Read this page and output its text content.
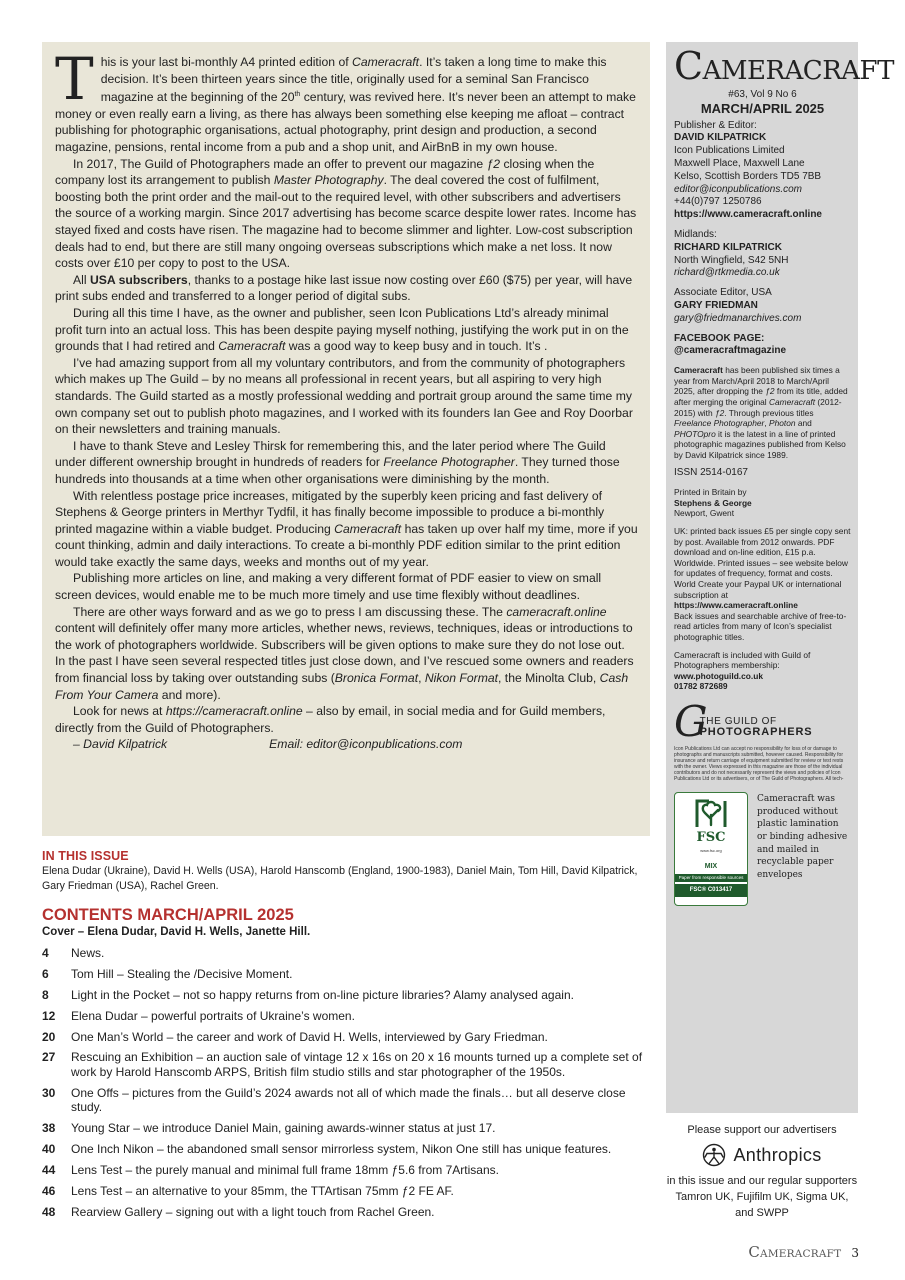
This is your last bi-monthly A4 printed edition of Cameracraft. It’s taken a long time to make this decision. It’s been thirteen years since the title, originally used for a seminal San Francisco magazine at the beginning of the 20th century, was revived here. It’s never been an attempt to make money or even really earn a living, as there has always been something else keeping me afloat – contract publishing for photographic organisations, actual photography, print design and production, a second magazine, pensions, rental income from a pub and a shop unit, and AirBnB in my own house.

In 2017, The Guild of Photographers made an offer to prevent our magazine ƒ2 closing when the company lost its arrangement to publish Master Photography. The deal covered the cost of fulfilment, boosting both the print order and the mail-out to the required level, with other subscribers and advertisers the source of a working margin. Since 2017 advertising has become scarce despite lower rates. Income has stayed fixed and costs have risen. The magazine had to become slimmer and lighter. Low-cost subscription deals had to end, but there are still many ongoing overseas subscriptions which make a net loss. It now costs over £10 per copy to post to the USA.

All USA subscribers, thanks to a postage hike last issue now costing over £60 ($75) per year, will have print subs ended and transferred to a longer period of digital subs.

During all this time I have, as the owner and publisher, seen Icon Publications Ltd’s already minimal profit turn into an actual loss. This has been despite paying myself nothing, justifying the work put in on the grounds that I had retired and Cameracraft was a good way to keep busy and in touch. It’s .

I’ve had amazing support from all my voluntary contributors, and from the community of photographers which makes up The Guild – by no means all professional in recent years, but all aspiring to very high standards. The Guild started as a mostly professional wedding and portrait group around the same time my own company set out to publish photo magazines, and I worked with its founders Ian Gee and Roy Doorbar on their newsletters and training manuals.

I have to thank Steve and Lesley Thirsk for remembering this, and the later period where The Guild under different ownership brought in hundreds of readers for Freelance Photographer. They turned those hundreds into thousands at a time when other organisations were diminishing by the month.

With relentless postage price increases, mitigated by the superbly keen pricing and fast delivery of Stephens & George printers in Merthyr Tydfil, it has finally become impossible to produce a bi-monthly printed magazine within a viable budget. Producing Cameracraft has taken up over half my time, more if you count thinking, admin and daily interactions. To create a bi-monthly PDF edition similar to the print edition would take exactly the same days, weeks and months out of my year.

Publishing more articles on line, and making a very different format of PDF easier to view on small screen devices, would enable me to be much more timely and use time flexibly without deadlines.

There are other ways forward and as we go to press I am discussing these. The cameracraft.online content will definitely offer many more articles, whether news, reviews, techniques, ideas or introductions to the work of photographers worldwide. Subscribers will be given options to make sure they do not lose out. In the past I have seen several respected titles just close down, and I’ve rescued some owners and readers from financial loss by taking over outstanding subs (Bronica Format, Nikon Format, the Minolta Club, Cash From Your Camera and more).

Look for news at https://cameracraft.online – also by email, in social media and for Guild members, directly from the Guild of Photographers.

– David Kilpatrick	Email: editor@iconpublications.com
IN THIS ISSUE
Elena Dudar (Ukraine), David H. Wells (USA), Harold Hanscomb (England, 1900-1983), Daniel Main, Tom Hill, David Kilpatrick, Gary Friedman (USA), Rachel Green.
CONTENTS MARCH/APRIL 2025
Cover – Elena Dudar, David H. Wells, Janette Hill.
4 News.
6 Tom Hill – Stealing the /Decisive Moment.
8 Light in the Pocket – not so happy returns from on-line picture libraries? Alamy analysed again.
12 Elena Dudar – powerful portraits of Ukraine’s women.
20 One Man’s World – the career and work of David H. Wells, interviewed by Gary Friedman.
27 Rescuing an Exhibition – an auction sale of vintage 12 x 16s on 20 x 16 mounts turned up a complete set of work by Harold Hanscomb ARPS, British film studio stills and star photographer of the 1950s.
30 One Offs – pictures from the Guild’s 2024 awards not all of which made the finals… but all deserve close study.
38 Young Star – we introduce Daniel Main, gaining awards-winner status at just 17.
40 One Inch Nikon – the abandoned small sensor mirrorless system, Nikon One still has unique features.
44 Lens Test – the purely manual and minimal full frame 18mm ƒ5.6 from 7Artisans.
46 Lens Test – an alternative to your 85mm, the TTArtisan 75mm ƒ2 FE AF.
48 Rearview Gallery – signing out with a light touch from Rachel Green.
CAMERACRAFT
#63, Vol 9 No 6
MARCH/APRIL 2025
Publisher & Editor:
DAVID KILPATRICK
Icon Publications Limited
Maxwell Place, Maxwell Lane
Kelso, Scottish Borders TD5 7BB
editor@iconpublications.com
+44(0)797 1250786
https://www.cameracraft.online
Midlands:
RICHARD KILPATRICK
North Wingfield, S42 5NH
richard@rtkmedia.co.uk
Associate Editor, USA
GARY FRIEDMAN
gary@friedmanarchives.com
FACEBOOK PAGE:
@cameracraftmagazine
Cameracraft has been published six times a year from March/April 2018 to March/April 2025, after dropping the ƒ2 from its title, added after merging the original Cameracraft (2012-2015) with ƒ2. Through previous titles Freelance Photographer, Photon and PHOTOpro it is the latest in a line of printed photographic magazines published from Kelso by David Kilpatrick since 1989.
ISSN 2514-0167
Printed in Britain by
Stephens & George
Newport, Gwent
UK: printed back issues £5 per single copy sent by post. Available from 2012 onwards. PDF download and on-line edition, £15 p.a. Worldwide. Printed issues – see website below for updates of frequency, format and costs. World Create your Paypal UK or international subscription at
https://www.cameracraft.online
Back issues and searchable archive of free-to-read articles from many of Icon’s specialist photographic titles.
Cameracraft is included with Guild of Photographers membership:
www.photoguild.co.uk
01782 872689
G
THE GUILD OF
PHOTOGRAPHERS
Icon Publications Ltd can accept no responsibility for loss of or damage to photographs and manuscripts submitted, however caused. Responsibility for insurance and return carriage of equipment submitted for review or test rests with the owner. Views expressed in this magazine are those of the individual contributors and do not necessarily represent the views and policies of Icon Publications Ltd or its advertisers, or of The Guild of Photographers. All tech-
FSC
www.fsc.org
MIX
Paper from responsible sources
FSC® C013417
Cameracraft was produced without plastic lamination or binding adhesive and mailed in recyclable paper envelopes
Please support our advertisers
Anthropics
in this issue and our regular supporters Tamron UK, Fujifilm UK, Sigma UK, and SWPP
CAMERACRAFT 3
